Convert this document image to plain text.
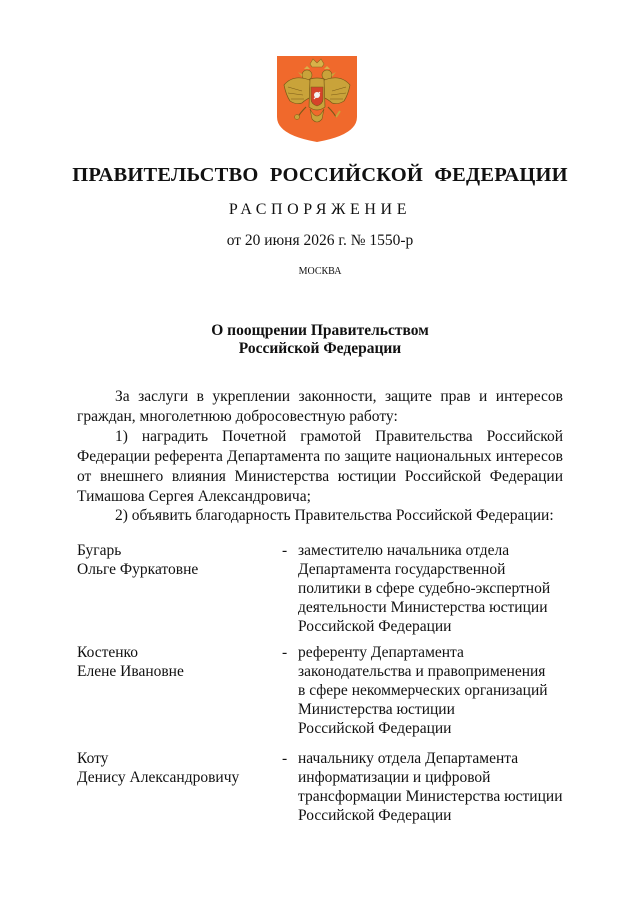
ПРАВИТЕЛЬСТВО РОССИЙСКОЙ ФЕДЕРАЦИИ
РАСПОРЯЖЕНИЕ
от 20 июня 2026 г. № 1550-р
МОСКВА
О поощрении Правительством
Российской Федерации
За заслуги в укреплении законности, защите прав и интересов граждан, многолетнюю добросовестную работу:
1) наградить Почетной грамотой Правительства Российской Федерации референта Департамента по защите национальных интересов от внешнего влияния Министерства юстиции Российской Федерации Тимашова Сергея Александровича;
2) объявить благодарность Правительства Российской Федерации:
Бугарь
Ольге Фуркатовне
- заместителю начальника отдела
Департамента государственной
политики в сфере судебно-экспертной
деятельности Министерства юстиции
Российской Федерации
Костенко
Елене Ивановне
- референту Департамента
законодательства и правоприменения
в сфере некоммерческих организаций
Министерства юстиции
Российской Федерации
Коту
Денису Александровичу
- начальнику отдела Департамента
информатизации и цифровой
трансформации Министерства юстиции
Российской Федерации
